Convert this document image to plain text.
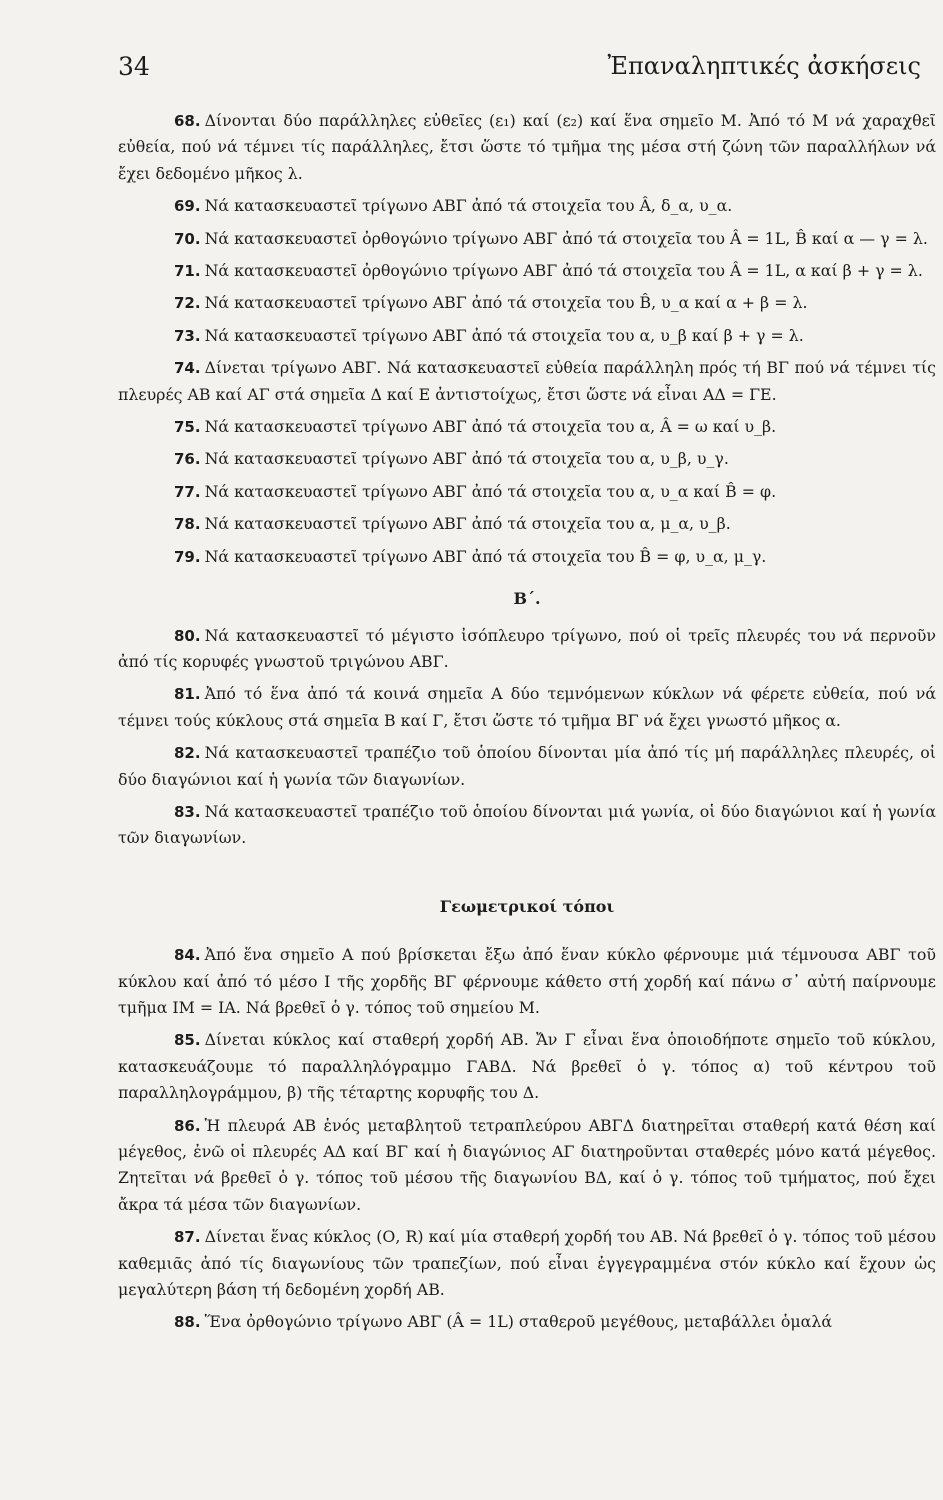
34	Ἐπαναληπτικές ἀσκήσεις

68. Δίνονται δύο παράλληλες εὐθεῖες (ε₁) καί (ε₂) καί ἕνα σημεῖο Μ. Ἀπό τό Μ νά χαραχθεῖ εὐθεία, πού νά τέμνει τίς παράλληλες, ἔτσι ὥστε τό τμῆμα της μέσα στή ζώνη τῶν παραλλήλων νά ἔχει δεδομένο μῆκος λ.

69. Νά κατασκευαστεῖ τρίγωνο ΑΒΓ ἀπό τά στοιχεῖα του Â, δ_α, υ_α.

70. Νά κατασκευαστεῖ ὀρθογώνιο τρίγωνο ΑΒΓ ἀπό τά στοιχεῖα του Â = 1L, B̂ καί α — γ = λ.

71. Νά κατασκευαστεῖ ὀρθογώνιο τρίγωνο ΑΒΓ ἀπό τά στοιχεῖα του Â = 1L, α καί β + γ = λ.

72. Νά κατασκευαστεῖ τρίγωνο ΑΒΓ ἀπό τά στοιχεῖα του B̂, υ_α καί α + β = λ.

73. Νά κατασκευαστεῖ τρίγωνο ΑΒΓ ἀπό τά στοιχεῖα του α, υ_β καί β + γ = λ.

74. Δίνεται τρίγωνο ΑΒΓ. Νά κατασκευαστεῖ εὐθεία παράλληλη πρός τή ΒΓ πού νά τέμνει τίς πλευρές ΑΒ καί ΑΓ στά σημεῖα Δ καί Ε ἀντιστοίχως, ἔτσι ὥστε νά εἶναι ΑΔ = ΓΕ.

75. Νά κατασκευαστεῖ τρίγωνο ΑΒΓ ἀπό τά στοιχεῖα του α, Â = ω καί υ_β.

76. Νά κατασκευαστεῖ τρίγωνο ΑΒΓ ἀπό τά στοιχεῖα του α, υ_β, υ_γ.

77. Νά κατασκευαστεῖ τρίγωνο ΑΒΓ ἀπό τά στοιχεῖα του α, υ_α καί B̂ = φ.

78. Νά κατασκευαστεῖ τρίγωνο ΑΒΓ ἀπό τά στοιχεῖα του α, μ_α, υ_β.

79. Νά κατασκευαστεῖ τρίγωνο ΑΒΓ ἀπό τά στοιχεῖα του B̂ = φ, υ_α, μ_γ.

Β΄.

80. Νά κατασκευαστεῖ τό μέγιστο ἰσόπλευρο τρίγωνο, πού οἱ τρεῖς πλευρές του νά περνοῦν ἀπό τίς κορυφές γνωστοῦ τριγώνου ΑΒΓ.

81. Ἀπό τό ἕνα ἀπό τά κοινά σημεῖα Α δύο τεμνόμενων κύκλων νά φέρετε εὐθεία, πού νά τέμνει τούς κύκλους στά σημεῖα Β καί Γ, ἔτσι ὥστε τό τμῆμα ΒΓ νά ἔχει γνωστό μῆκος α.

82. Νά κατασκευαστεῖ τραπέζιο τοῦ ὁποίου δίνονται μία ἀπό τίς μή παράλληλες πλευρές, οἱ δύο διαγώνιοι καί ἡ γωνία τῶν διαγωνίων.

83. Νά κατασκευαστεῖ τραπέζιο τοῦ ὁποίου δίνονται μιά γωνία, οἱ δύο διαγώνιοι καί ἡ γωνία τῶν διαγωνίων.

Γεωμετρικοί τόποι

84. Ἀπό ἕνα σημεῖο Α πού βρίσκεται ἔξω ἀπό ἕναν κύκλο φέρνουμε μιά τέμνουσα ΑΒΓ τοῦ κύκλου καί ἀπό τό μέσο Ι τῆς χορδῆς ΒΓ φέρνουμε κάθετο στή χορδή καί πάνω σ᾽ αὐτή παίρνουμε τμῆμα ΙΜ = ΙΑ. Νά βρεθεῖ ὁ γ. τόπος τοῦ σημείου Μ.

85. Δίνεται κύκλος καί σταθερή χορδή ΑΒ. Ἄν Γ εἶναι ἕνα ὁποιοδήποτε σημεῖο τοῦ κύκλου, κατασκευάζουμε τό παραλληλόγραμμο ΓΑΒΔ. Νά βρεθεῖ ὁ γ. τόπος α) τοῦ κέντρου τοῦ παραλληλογράμμου, β) τῆς τέταρτης κορυφῆς του Δ.

86. Ἡ πλευρά ΑΒ ἑνός μεταβλητοῦ τετραπλεύρου ΑΒΓΔ διατηρεῖται σταθερή κατά θέση καί μέγεθος, ἐνῶ οἱ πλευρές ΑΔ καί ΒΓ καί ἡ διαγώνιος ΑΓ διατηροῦνται σταθερές μόνο κατά μέγεθος. Ζητεῖται νά βρεθεῖ ὁ γ. τόπος τοῦ μέσου τῆς διαγωνίου ΒΔ, καί ὁ γ. τόπος τοῦ τμήματος, πού ἔχει ἄκρα τά μέσα τῶν διαγωνίων.

87. Δίνεται ἕνας κύκλος (Ο, R) καί μία σταθερή χορδή του ΑΒ. Νά βρεθεῖ ὁ γ. τόπος τοῦ μέσου καθεμιᾶς ἀπό τίς διαγωνίους τῶν τραπεζίων, πού εἶναι ἐγγεγραμμένα στόν κύκλο καί ἔχουν ὡς μεγαλύτερη βάση τή δεδομένη χορδή ΑΒ.

88. Ἕνα ὀρθογώνιο τρίγωνο ΑΒΓ (Â = 1L) σταθεροῦ μεγέθους, μεταβάλλει ὁμαλά
